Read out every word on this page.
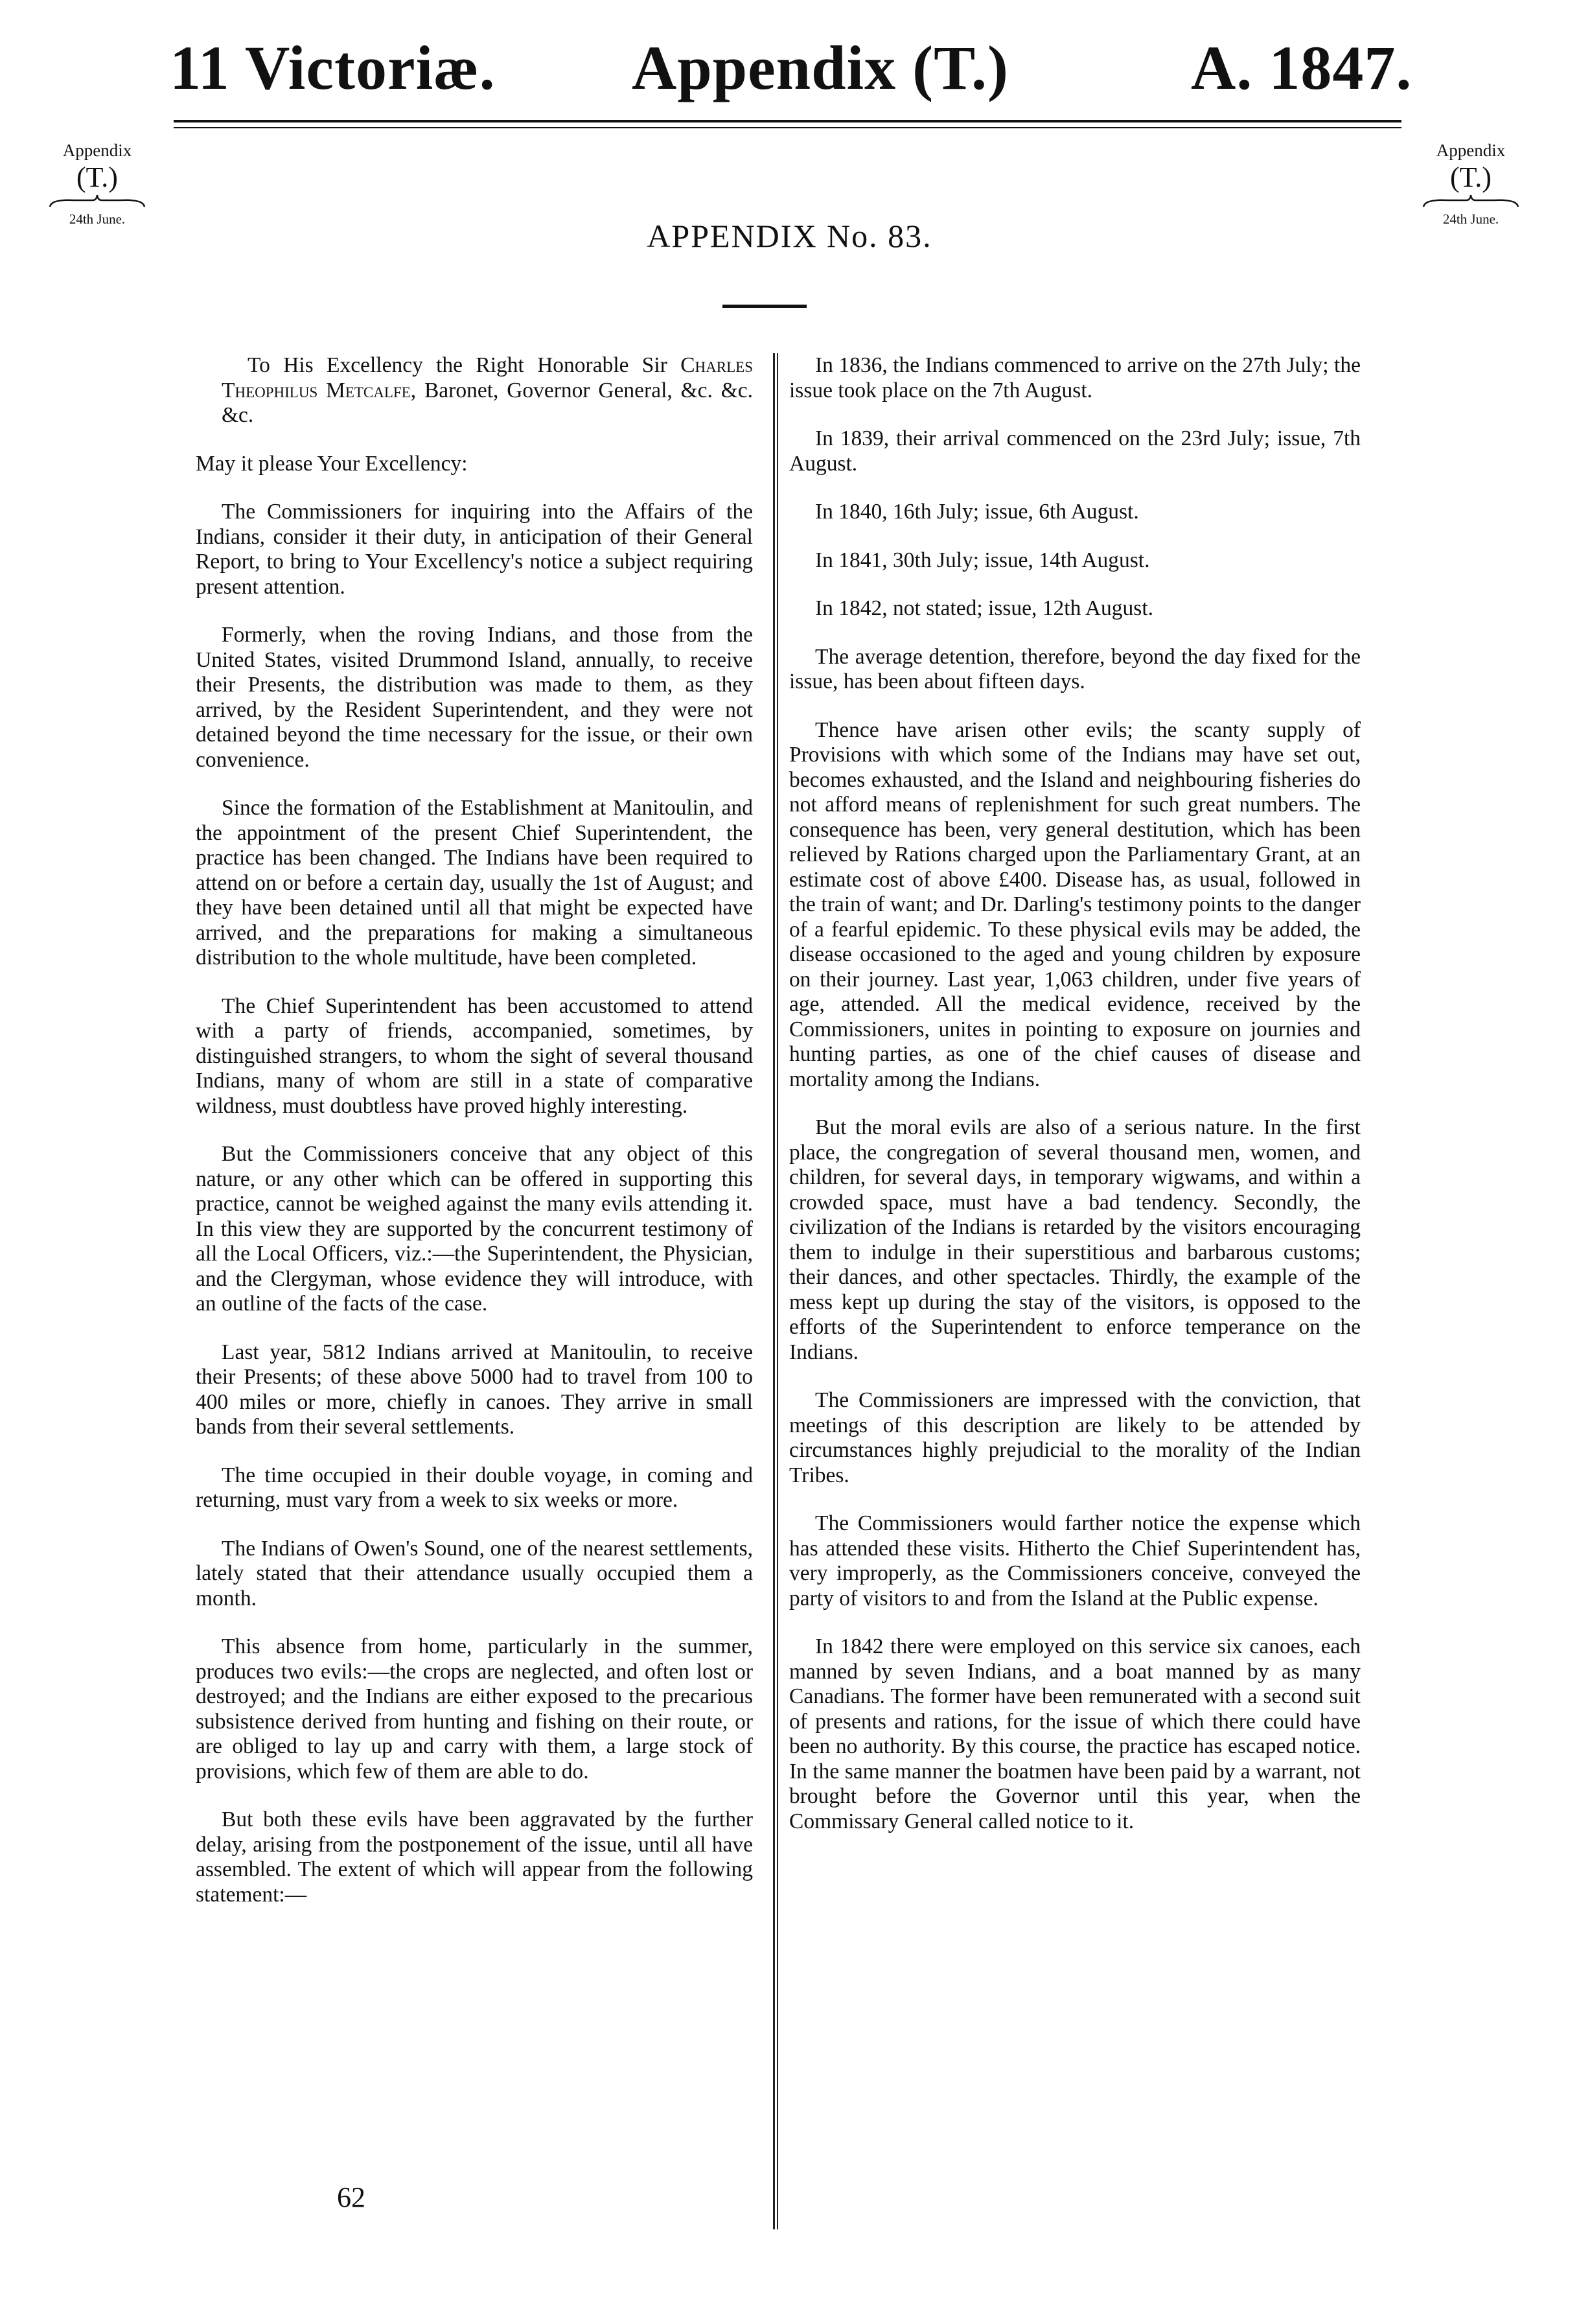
11 Victoriæ. Appendix (T.)	A. 1847.
Appendix
(T.)
24th June.
Appendix
(T.)
24th June.
APPENDIX No. 83.

To His Excellency the Right Honorable Sir Charles Theophilus Metcalfe, Baronet, Governor General, &c. &c. &c.

May it please Your Excellency:

The Commissioners for inquiring into the Affairs of the Indians, consider it their duty, in anticipation of their General Report, to bring to Your Excellency's notice a subject requiring present attention.

Formerly, when the roving Indians, and those from the United States, visited Drummond Island, annually, to receive their Presents, the distribution was made to them, as they arrived, by the Resident Superintendent, and they were not detained beyond the time necessary for the issue, or their own convenience.

Since the formation of the Establishment at Manitoulin, and the appointment of the present Chief Superintendent, the practice has been changed. The Indians have been required to attend on or before a certain day, usually the 1st of August; and they have been detained until all that might be expected have arrived, and the preparations for making a simultaneous distribution to the whole multitude, have been completed.

The Chief Superintendent has been accustomed to attend with a party of friends, accompanied, sometimes, by distinguished strangers, to whom the sight of several thousand Indians, many of whom are still in a state of comparative wildness, must doubtless have proved highly interesting.

But the Commissioners conceive that any object of this nature, or any other which can be offered in supporting this practice, cannot be weighed against the many evils attending it. In this view they are supported by the concurrent testimony of all the Local Officers, viz.:—the Superintendent, the Physician, and the Clergyman, whose evidence they will introduce, with an outline of the facts of the case.

Last year, 5812 Indians arrived at Manitoulin, to receive their Presents; of these above 5000 had to travel from 100 to 400 miles or more, chiefly in canoes. They arrive in small bands from their several settlements.

The time occupied in their double voyage, in coming and returning, must vary from a week to six weeks or more.

The Indians of Owen's Sound, one of the nearest settlements, lately stated that their attendance usually occupied them a month.

This absence from home, particularly in the summer, produces two evils:—the crops are neglected, and often lost or destroyed; and the Indians are either exposed to the precarious subsistence derived from hunting and fishing on their route, or are obliged to lay up and carry with them, a large stock of provisions, which few of them are able to do.

But both these evils have been aggravated by the further delay, arising from the postponement of the issue, until all have assembled. The extent of which will appear from the following statement:—

In 1836, the Indians commenced to arrive on the 27th July; the issue took place on the 7th August.

In 1839, their arrival commenced on the 23rd July; issue, 7th August.

In 1840, 16th July; issue, 6th August.

In 1841, 30th July; issue, 14th August.

In 1842, not stated; issue, 12th August.

The average detention, therefore, beyond the day fixed for the issue, has been about fifteen days.

Thence have arisen other evils; the scanty supply of Provisions with which some of the Indians may have set out, becomes exhausted, and the Island and neighbouring fisheries do not afford means of replenishment for such great numbers. The consequence has been, very general destitution, which has been relieved by Rations charged upon the Parliamentary Grant, at an estimate cost of above £400. Disease has, as usual, followed in the train of want; and Dr. Darling's testimony points to the danger of a fearful epidemic. To these physical evils may be added, the disease occasioned to the aged and young children by exposure on their journey. Last year, 1,063 children, under five years of age, attended. All the medical evidence, received by the Commissioners, unites in pointing to exposure on journies and hunting parties, as one of the chief causes of disease and mortality among the Indians.

But the moral evils are also of a serious nature. In the first place, the congregation of several thousand men, women, and children, for several days, in temporary wigwams, and within a crowded space, must have a bad tendency. Secondly, the civilization of the Indians is retarded by the visitors encouraging them to indulge in their superstitious and barbarous customs; their dances, and other spectacles. Thirdly, the example of the mess kept up during the stay of the visitors, is opposed to the efforts of the Superintendent to enforce temperance on the Indians.

The Commissioners are impressed with the conviction, that meetings of this description are likely to be attended by circumstances highly prejudicial to the morality of the Indian Tribes.

The Commissioners would farther notice the expense which has attended these visits. Hitherto the Chief Superintendent has, very improperly, as the Commissioners conceive, conveyed the party of visitors to and from the Island at the Public expense.

In 1842 there were employed on this service six canoes, each manned by seven Indians, and a boat manned by as many Canadians. The former have been remunerated with a second suit of presents and rations, for the issue of which there could have been no authority. By this course, the practice has escaped notice. In the same manner the boatmen have been paid by a warrant, not brought before the Governor until this year, when the Commissary General called notice to it.

62
